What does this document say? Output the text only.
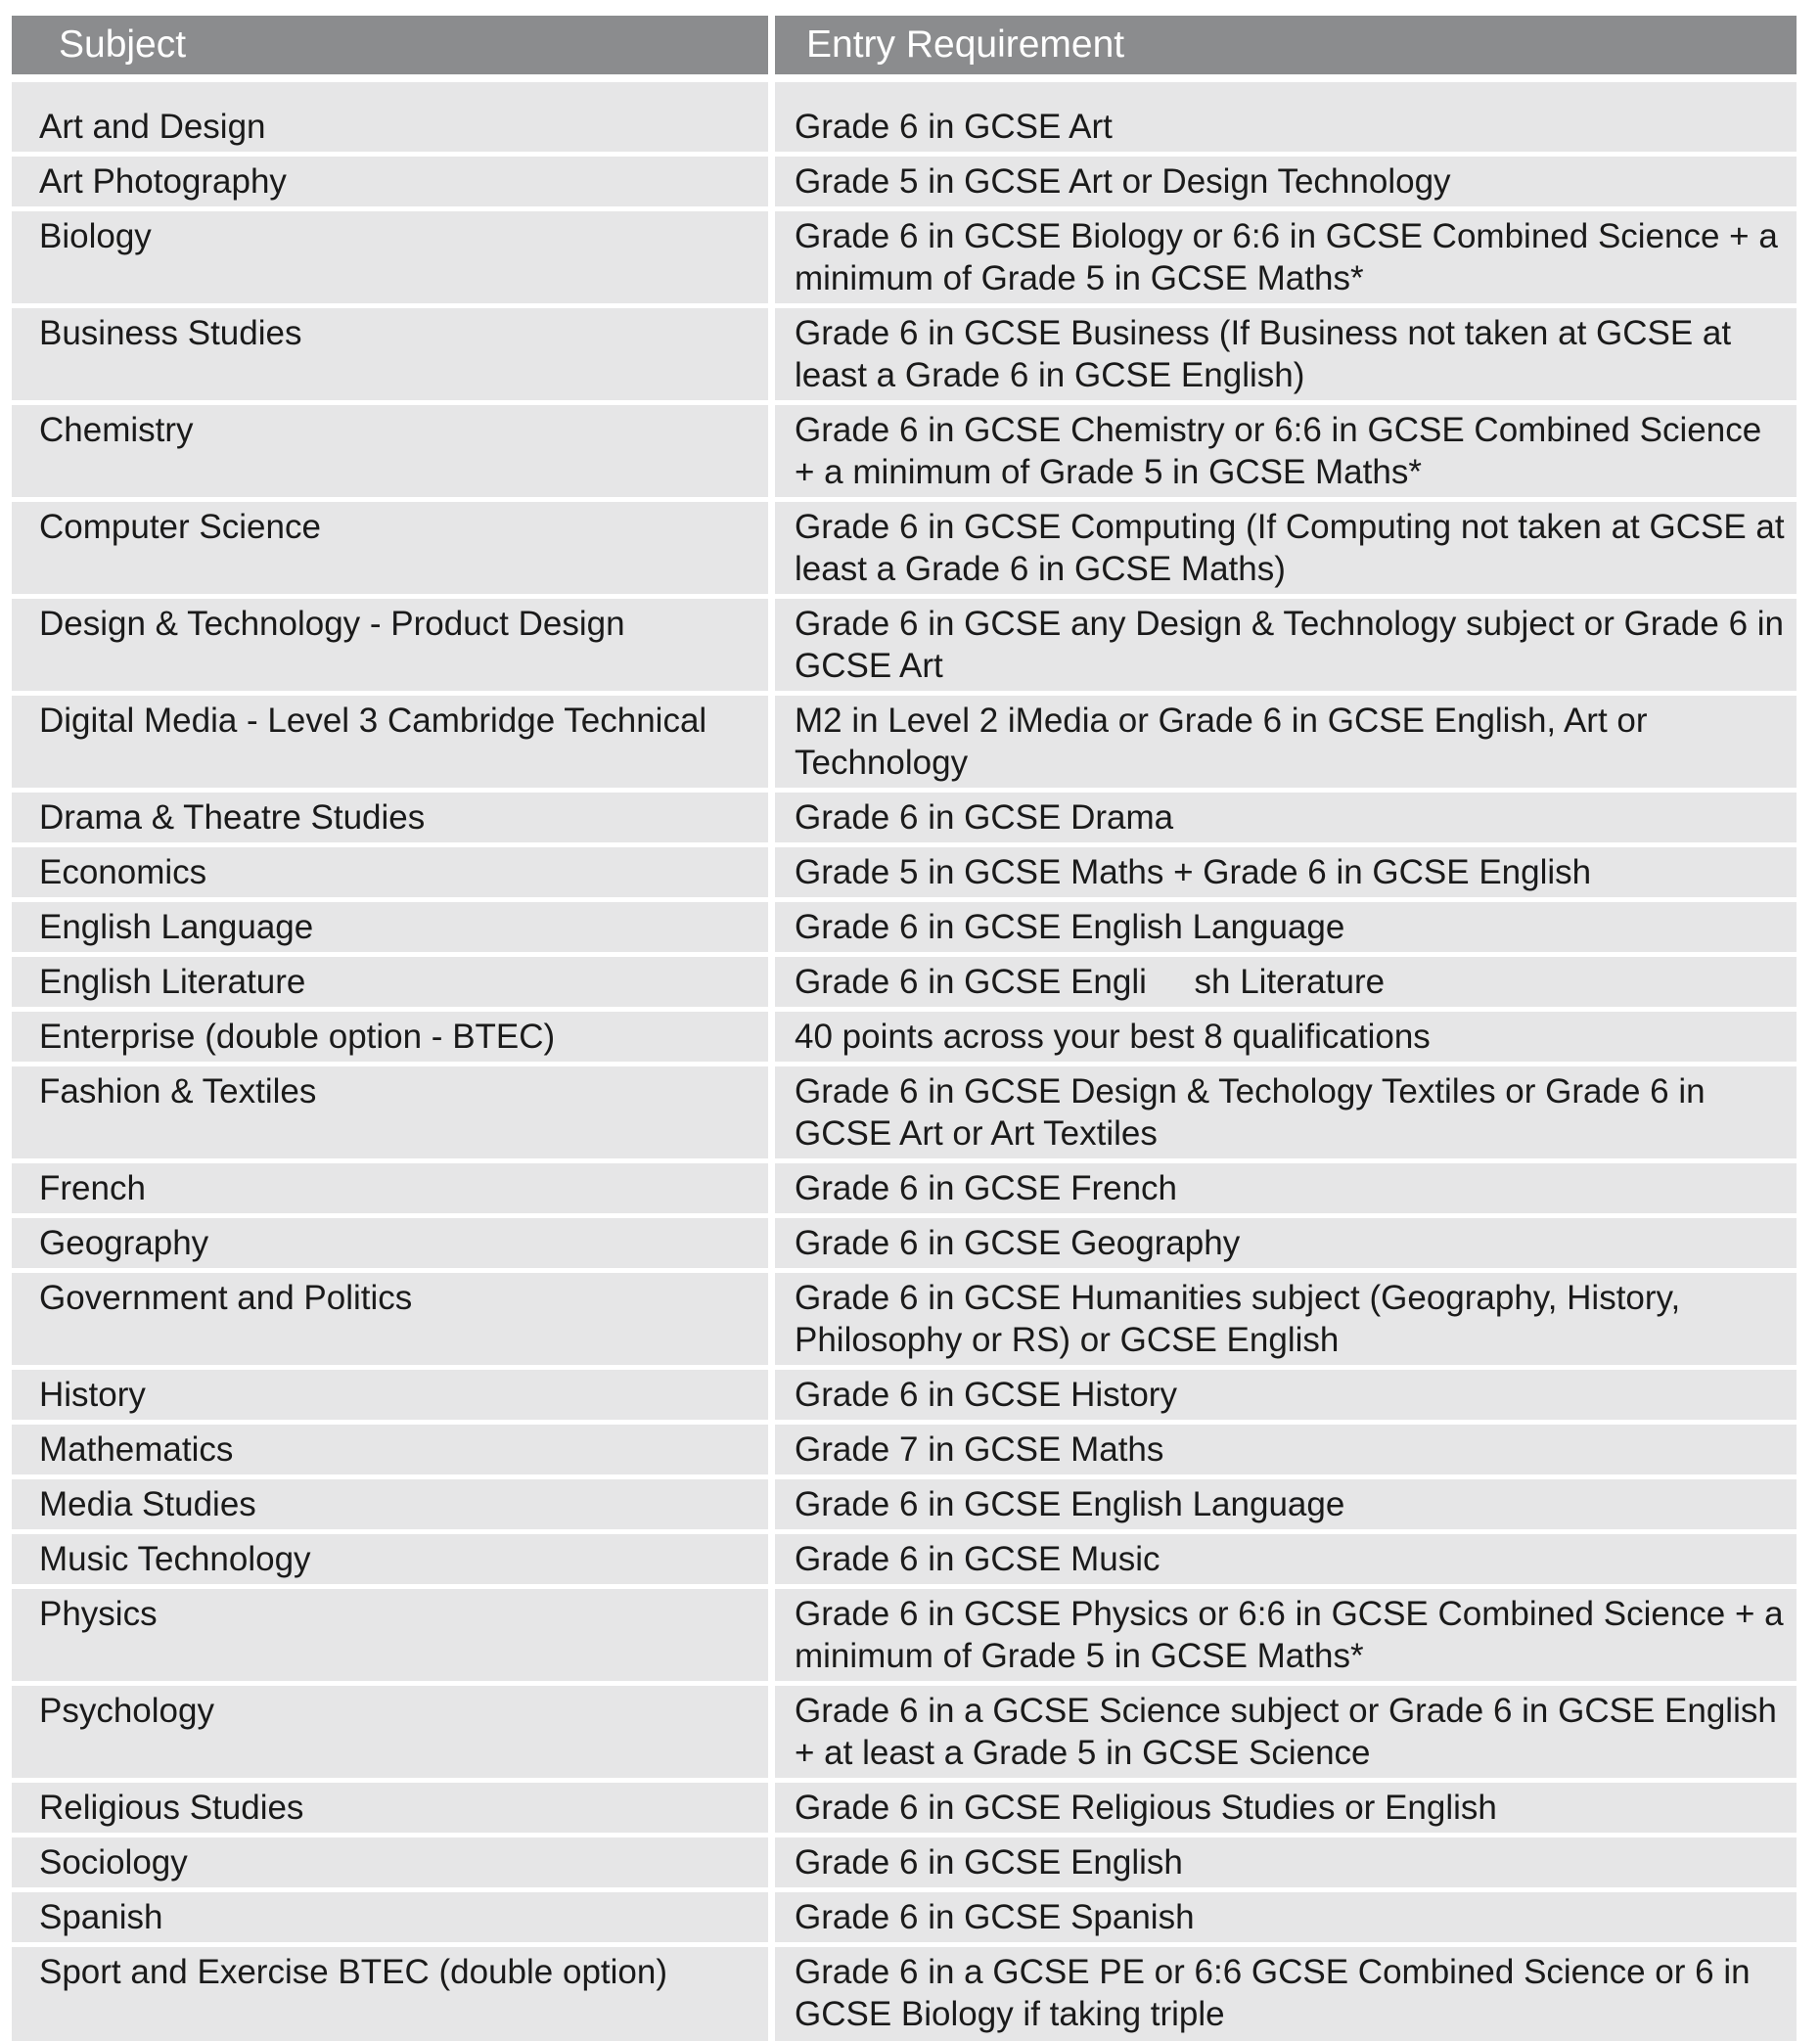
Subject	Entry Requirement
Art and Design	Grade 6 in GCSE Art
Art Photography	Grade 5 in GCSE Art or Design Technology
Biology	Grade 6 in GCSE Biology or 6:6 in GCSE Combined Science + a minimum of Grade 5 in GCSE Maths*
Business Studies	Grade 6 in GCSE Business (If Business not taken at GCSE at least a Grade 6 in GCSE English)
Chemistry	Grade 6 in GCSE Chemistry or 6:6 in GCSE Combined Science + a minimum of Grade 5 in GCSE Maths*
Computer Science	Grade 6 in GCSE Computing (If Computing not taken at GCSE at least a Grade 6 in GCSE Maths)
Design & Technology - Product Design	Grade 6 in GCSE any Design & Technology subject or Grade 6 in GCSE Art
Digital Media - Level 3 Cambridge Technical	M2 in Level 2 iMedia or Grade 6 in GCSE English, Art or Technology
Drama & Theatre Studies	Grade 6 in GCSE Drama
Economics	Grade 5 in GCSE Maths + Grade 6 in GCSE English
English Language	Grade 6 in GCSE English Language
English Literature	Grade 6 in GCSE Engli     sh Literature
Enterprise (double option - BTEC)	40 points across your best 8 qualifications
Fashion & Textiles	Grade 6 in GCSE Design & Techology Textiles or Grade 6 in GCSE Art or Art Textiles
French	Grade 6 in GCSE French
Geography	Grade 6 in GCSE Geography
Government and Politics	Grade 6 in GCSE Humanities subject (Geography, History, Philosophy or RS) or GCSE English
History	Grade 6 in GCSE History
Mathematics	Grade 7 in GCSE Maths
Media Studies	Grade 6 in GCSE English Language
Music Technology	Grade 6 in GCSE Music
Physics	Grade 6 in GCSE Physics or 6:6 in GCSE Combined Science + a minimum of Grade 5 in GCSE Maths*
Psychology	Grade 6 in a GCSE Science subject or Grade 6 in GCSE English + at least a Grade 5 in GCSE Science
Religious Studies	Grade 6 in GCSE Religious Studies or English
Sociology	Grade 6 in GCSE English
Spanish	Grade 6 in GCSE Spanish
Sport and Exercise BTEC (double option)	Grade 6 in a GCSE PE or 6:6 GCSE Combined Science or 6 in GCSE Biology if taking triple
